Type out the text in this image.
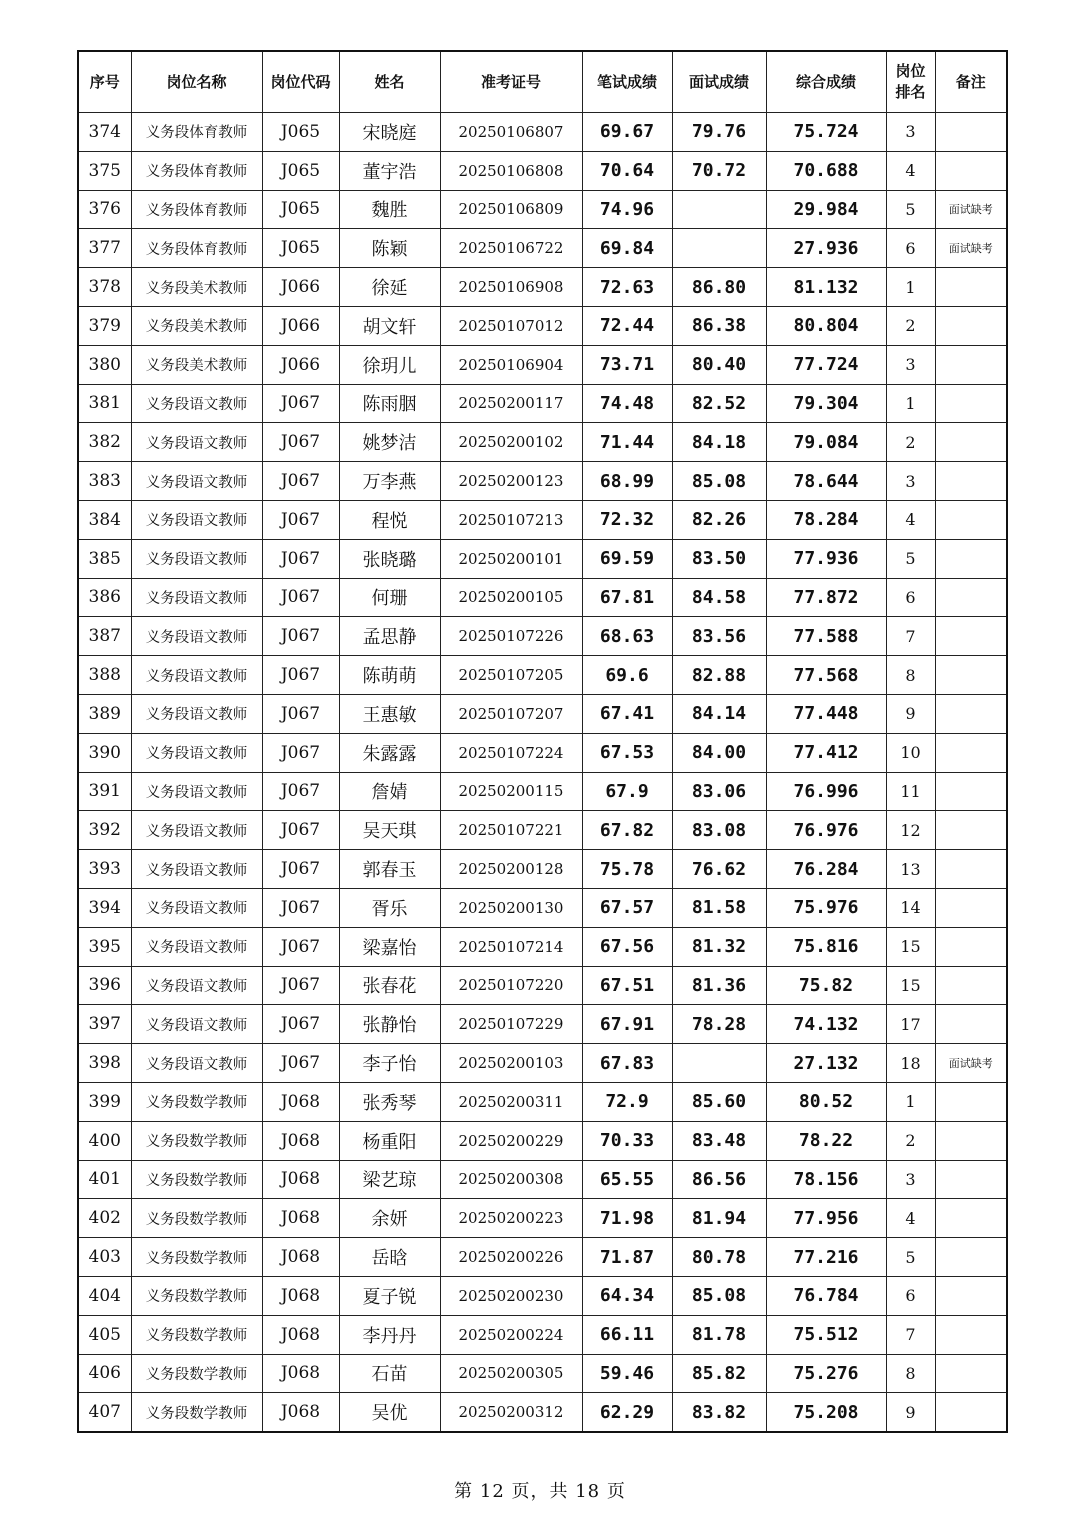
序号	岗位名称	岗位代码	姓名	准考证号	笔试成绩	面试成绩	综合成绩	岗位排名	备注
374	义务段体育教师	J065	宋晓庭	20250106807	69.67	79.76	75.724	3	
375	义务段体育教师	J065	董宇浩	20250106808	70.64	70.72	70.688	4	
376	义务段体育教师	J065	魏胜	20250106809	74.96		29.984	5	面试缺考
377	义务段体育教师	J065	陈颖	20250106722	69.84		27.936	6	面试缺考
378	义务段美术教师	J066	徐延	20250106908	72.63	86.80	81.132	1	
379	义务段美术教师	J066	胡文轩	20250107012	72.44	86.38	80.804	2	
380	义务段美术教师	J066	徐玥儿	20250106904	73.71	80.40	77.724	3	
381	义务段语文教师	J067	陈雨胭	20250200117	74.48	82.52	79.304	1	
382	义务段语文教师	J067	姚梦洁	20250200102	71.44	84.18	79.084	2	
383	义务段语文教师	J067	万李燕	20250200123	68.99	85.08	78.644	3	
384	义务段语文教师	J067	程悦	20250107213	72.32	82.26	78.284	4	
385	义务段语文教师	J067	张晓璐	20250200101	69.59	83.50	77.936	5	
386	义务段语文教师	J067	何珊	20250200105	67.81	84.58	77.872	6	
387	义务段语文教师	J067	孟思静	20250107226	68.63	83.56	77.588	7	
388	义务段语文教师	J067	陈萌萌	20250107205	69.6	82.88	77.568	8	
389	义务段语文教师	J067	王惠敏	20250107207	67.41	84.14	77.448	9	
390	义务段语文教师	J067	朱露露	20250107224	67.53	84.00	77.412	10	
391	义务段语文教师	J067	詹婧	20250200115	67.9	83.06	76.996	11	
392	义务段语文教师	J067	吴天琪	20250107221	67.82	83.08	76.976	12	
393	义务段语文教师	J067	郭春玉	20250200128	75.78	76.62	76.284	13	
394	义务段语文教师	J067	胥乐	20250200130	67.57	81.58	75.976	14	
395	义务段语文教师	J067	梁嘉怡	20250107214	67.56	81.32	75.816	15	
396	义务段语文教师	J067	张春花	20250107220	67.51	81.36	75.82	15	
397	义务段语文教师	J067	张静怡	20250107229	67.91	78.28	74.132	17	
398	义务段语文教师	J067	李子怡	20250200103	67.83		27.132	18	面试缺考
399	义务段数学教师	J068	张秀琴	20250200311	72.9	85.60	80.52	1	
400	义务段数学教师	J068	杨重阳	20250200229	70.33	83.48	78.22	2	
401	义务段数学教师	J068	梁艺琼	20250200308	65.55	86.56	78.156	3	
402	义务段数学教师	J068	余妍	20250200223	71.98	81.94	77.956	4	
403	义务段数学教师	J068	岳晗	20250200226	71.87	80.78	77.216	5	
404	义务段数学教师	J068	夏子锐	20250200230	64.34	85.08	76.784	6	
405	义务段数学教师	J068	李丹丹	20250200224	66.11	81.78	75.512	7	
406	义务段数学教师	J068	石苗	20250200305	59.46	85.82	75.276	8	
407	义务段数学教师	J068	吴优	20250200312	62.29	83.82	75.208	9	
第 12 页，共 18 页
